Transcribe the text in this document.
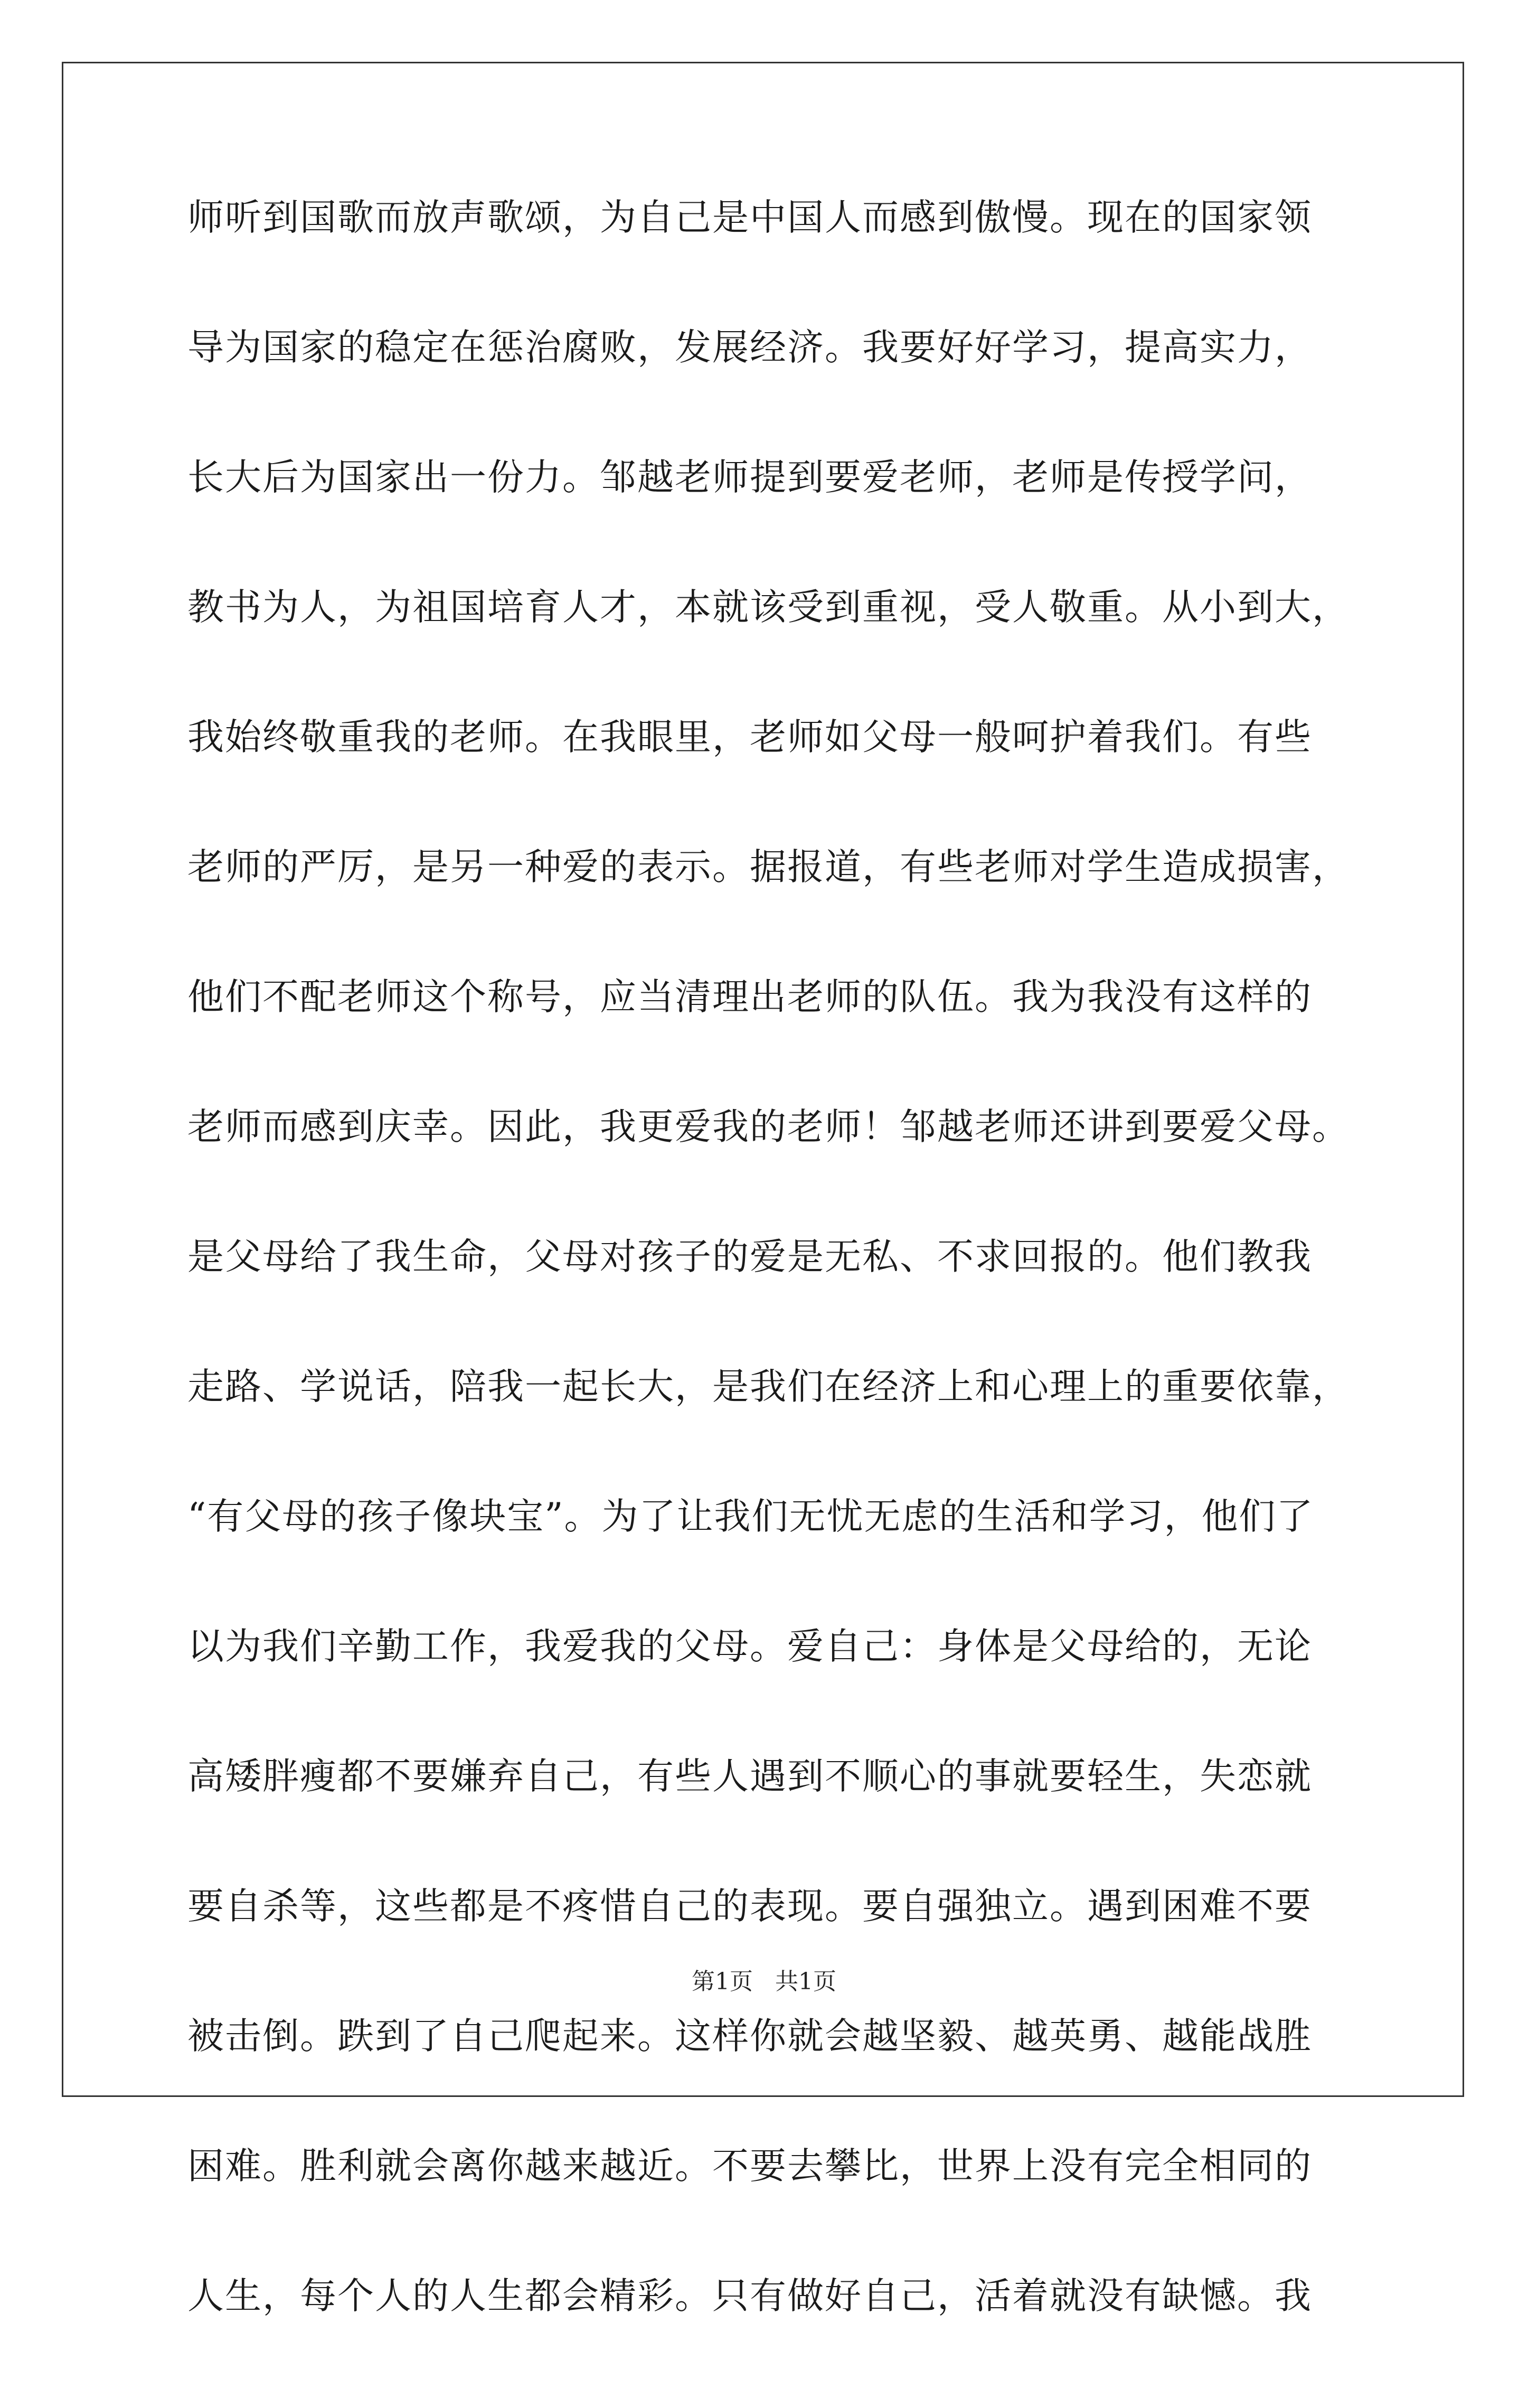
师听到国歌而放声歌颂，为自己是中国人而感到傲慢。现在的国家领
导为国家的稳定在惩治腐败，发展经济。我要好好学习，提高实力，
长大后为国家出一份力。邹越老师提到要爱老师，老师是传授学问，
教书为人，为祖国培育人才，本就该受到重视，受人敬重。从小到大，
我始终敬重我的老师。在我眼里，老师如父母一般呵护着我们。有些
老师的严厉，是另一种爱的表示。据报道，有些老师对学生造成损害，
他们不配老师这个称号，应当清理出老师的队伍。我为我没有这样的
老师而感到庆幸。因此，我更爱我的老师！邹越老师还讲到要爱父母。
是父母给了我生命，父母对孩子的爱是无私、不求回报的。他们教我
走路、学说话，陪我一起长大，是我们在经济上和心理上的重要依靠，
“有父母的孩子像块宝”。为了让我们无忧无虑的生活和学习，他们了
以为我们辛勤工作，我爱我的父母。爱自己：身体是父母给的，无论
高矮胖瘦都不要嫌弃自己，有些人遇到不顺心的事就要轻生，失恋就
要自杀等，这些都是不疼惜自己的表现。要自强独立。遇到困难不要
被击倒。跌到了自己爬起来。这样你就会越坚毅、越英勇、越能战胜
困难。胜利就会离你越来越近。不要去攀比，世界上没有完全相同的
人生，每个人的人生都会精彩。只有做好自己，活着就没有缺憾。我
第1页 共1页
